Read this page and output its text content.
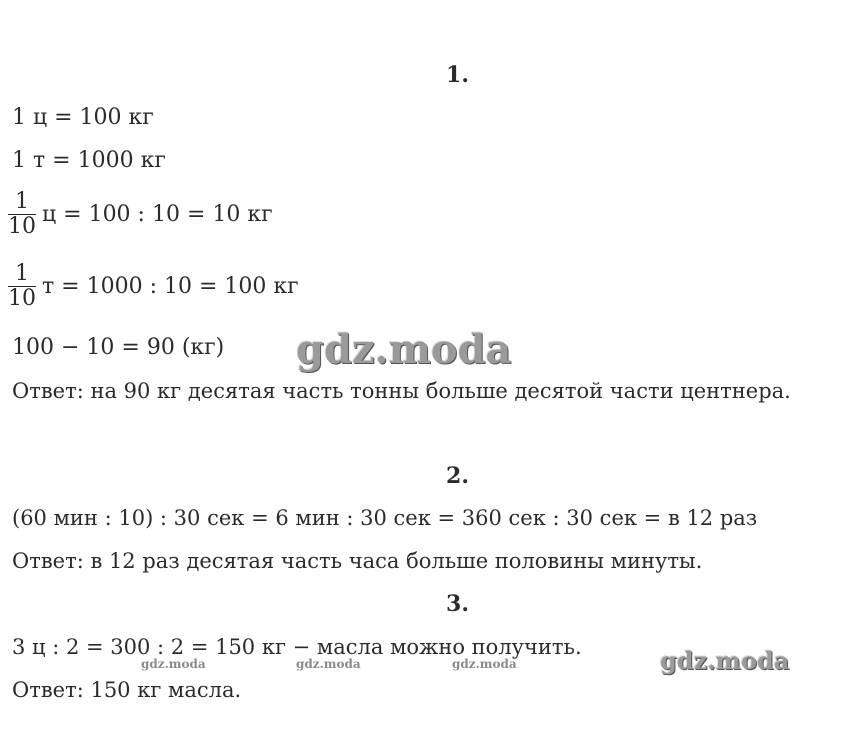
1.
1 ц = 100 кг
1 т = 1000 кг
$\frac{1}{10}$ ц = 100 : 10 = 10 кг
$\frac{1}{10}$ т = 1000 : 10 = 100 кг
100 − 10 = 90 (кг)
Ответ: на 90 кг десятая часть тонны больше десятой части центнера.
2.
(60 мин : 10) : 30 сек = 6 мин : 30 сек = 360 сек : 30 сек = в 12 раз
Ответ: в 12 раз десятая часть часа больше половины минуты.
3.
3 ц : 2 = 300 : 2 = 150 кг − масла можно получить.
Ответ: 150 кг масла.
gdz.moda
gdz.moda
gdz.moda	gdz.moda	gdz.moda
